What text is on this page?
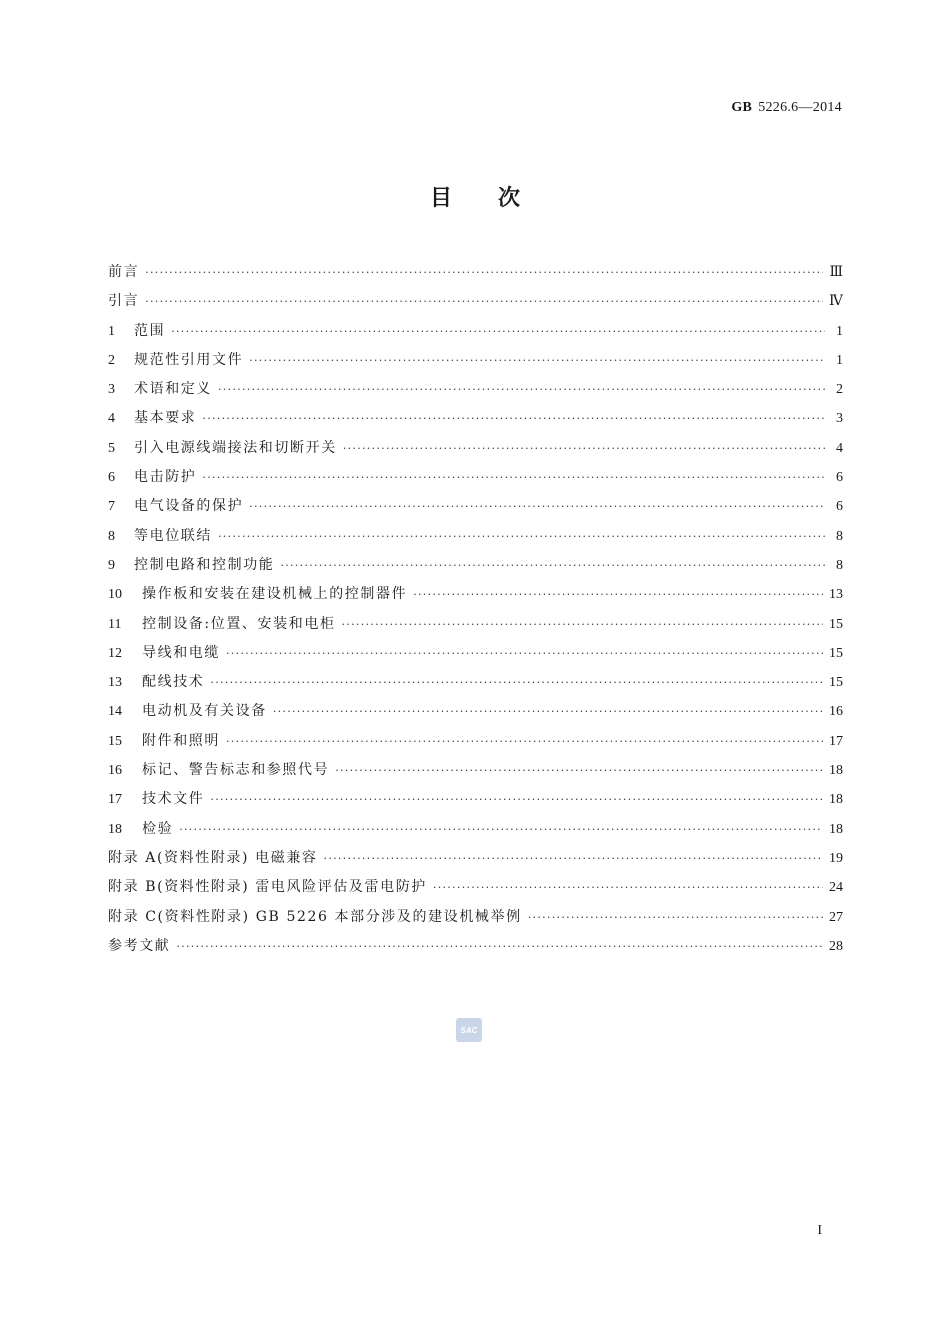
GB 5226.6—2014
目次
前言 ·····	Ⅲ
引言 ·····	Ⅳ
1	范围 ·····	1
2	规范性引用文件 ·····	1
3	术语和定义 ·····	2
4	基本要求 ·····	3
5	引入电源线端接法和切断开关 ·····	4
6	电击防护 ·····	6
7	电气设备的保护 ·····	6
8	等电位联结 ·····	8
9	控制电路和控制功能 ·····	8
10	操作板和安装在建设机械上的控制器件 ·····	13
11	控制设备:位置、安装和电柜 ·····	15
12	导线和电缆 ·····	15
13	配线技术 ·····	15
14	电动机及有关设备 ·····	16
15	附件和照明 ·····	17
16	标记、警告标志和参照代号 ·····	18
17	技术文件 ·····	18
18	检验 ·····	18
附录 A(资料性附录) 电磁兼容 ·····	19
附录 B(资料性附录) 雷电风险评估及雷电防护 ·····	24
附录 C(资料性附录) GB 5226 本部分涉及的建设机械举例 ·····	27
参考文献 ·····	28
SAC
I
